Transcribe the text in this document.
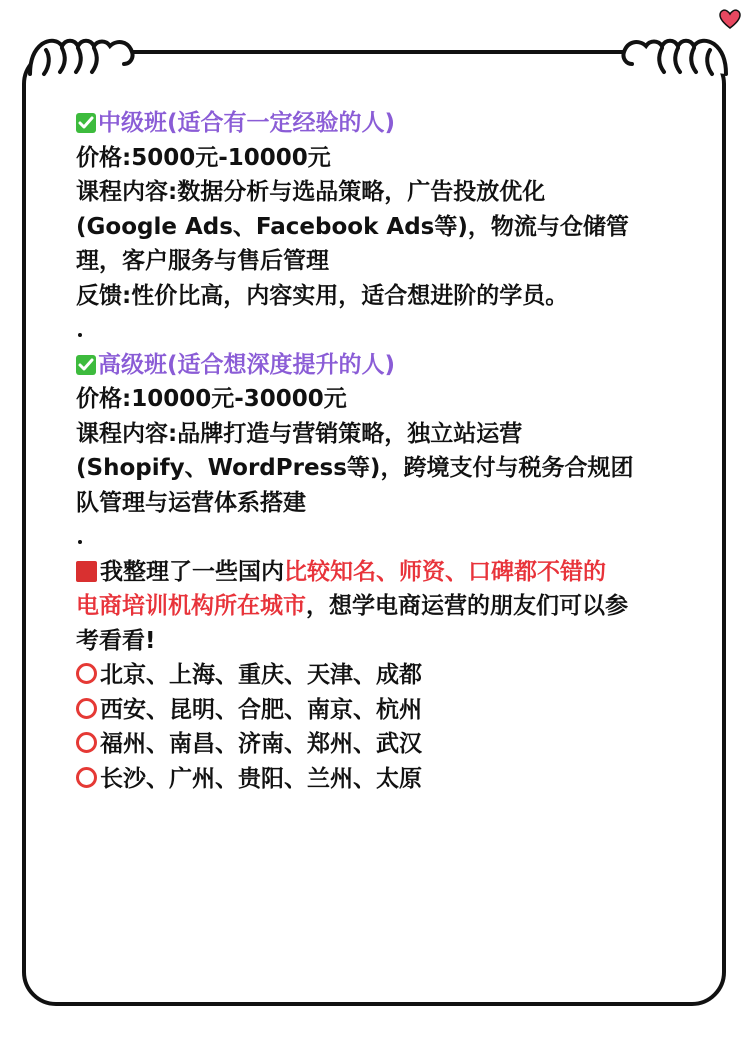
中级班(适合有一定经验的人)
价格:5000元-10000元
课程内容:数据分析与选品策略，广告投放优化
(Google Ads、Facebook Ads等)，物流与仓储管
理，客户服务与售后管理
反馈:性价比高，内容实用，适合想进阶的学员。
高级班(适合想深度提升的人)
价格:10000元-30000元
课程内容:品牌打造与营销策略，独立站运营
(Shopify、WordPress等)，跨境支付与税务合规团
队管理与运营体系搭建
我整理了一些国内比较知名、师资、口碑都不错的
电商培训机构所在城市，想学电商运营的朋友们可以参
考看看!
北京、上海、重庆、天津、成都
西安、昆明、合肥、南京、杭州
福州、南昌、济南、郑州、武汉
长沙、广州、贵阳、兰州、太原
